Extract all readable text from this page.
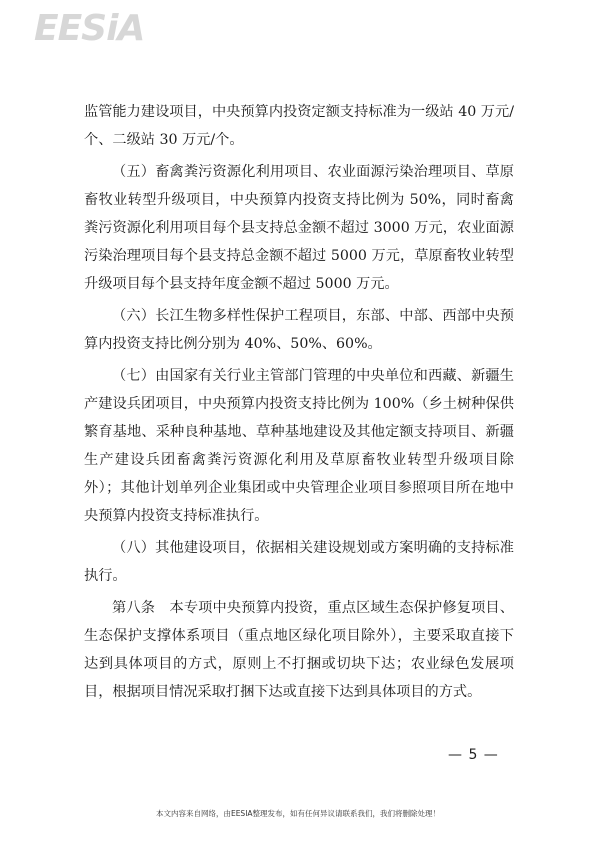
EESiA

监管能力建设项目，中央预算内投资定额支持标准为一级站 40 万元/个、二级站 30 万元/个。

（五）畜禽粪污资源化利用项目、农业面源污染治理项目、草原畜牧业转型升级项目，中央预算内投资支持比例为 50%，同时畜禽粪污资源化利用项目每个县支持总金额不超过 3000 万元，农业面源污染治理项目每个县支持总金额不超过 5000 万元，草原畜牧业转型升级项目每个县支持年度金额不超过 5000 万元。

（六）长江生物多样性保护工程项目，东部、中部、西部中央预算内投资支持比例分别为 40%、50%、60%。

（七）由国家有关行业主管部门管理的中央单位和西藏、新疆生产建设兵团项目，中央预算内投资支持比例为 100%（乡土树种保供繁育基地、采种良种基地、草种基地建设及其他定额支持项目、新疆生产建设兵团畜禽粪污资源化利用及草原畜牧业转型升级项目除外）；其他计划单列企业集团或中央管理企业项目参照项目所在地中央预算内投资支持标准执行。

（八）其他建设项目，依据相关建设规划或方案明确的支持标准执行。

第八条　本专项中央预算内投资，重点区域生态保护修复项目、生态保护支撑体系项目（重点地区绿化项目除外），主要采取直接下达到具体项目的方式，原则上不打捆或切块下达；农业绿色发展项目，根据项目情况采取打捆下达或直接下达到具体项目的方式。

— 5 —
本文内容来自网络，由EESIA整理发布，如有任何异议请联系我们，我们将删除处理！
